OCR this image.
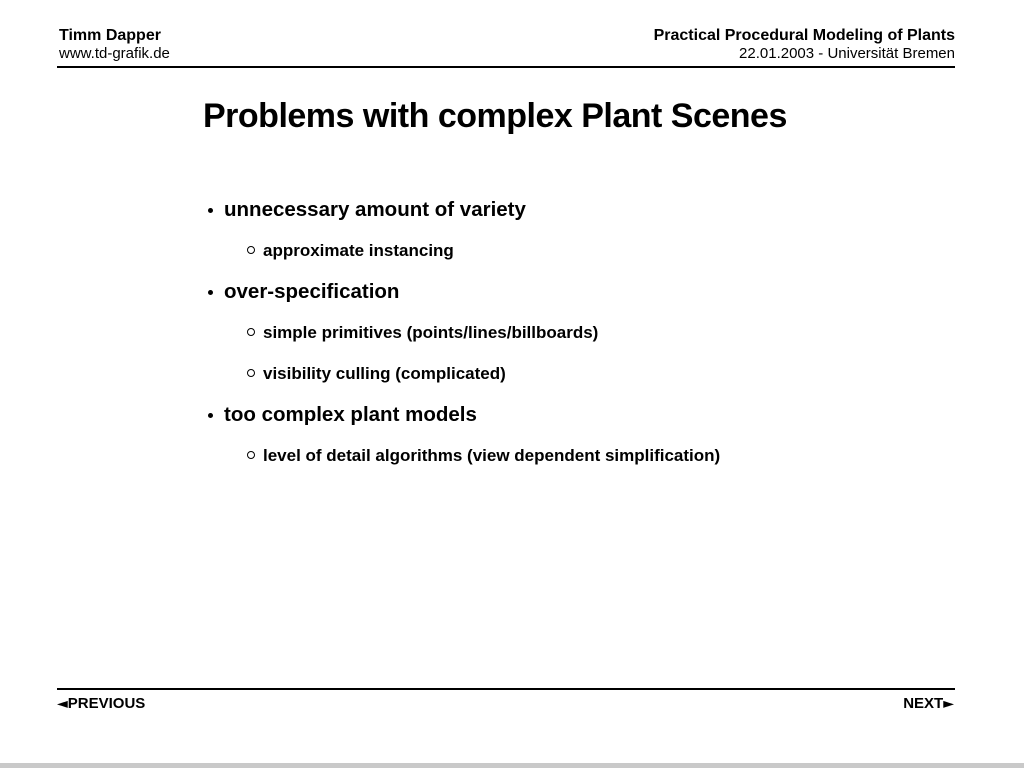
Timm Dapper
www.td-grafik.de
Practical Procedural Modeling of Plants
22.01.2003 - Universität Bremen
Problems with complex Plant Scenes
unnecessary amount of variety
approximate instancing
over-specification
simple primitives (points/lines/billboards)
visibility culling (complicated)
too complex plant models
level of detail algorithms (view dependent simplification)
◄PREVIOUS	NEXT►
